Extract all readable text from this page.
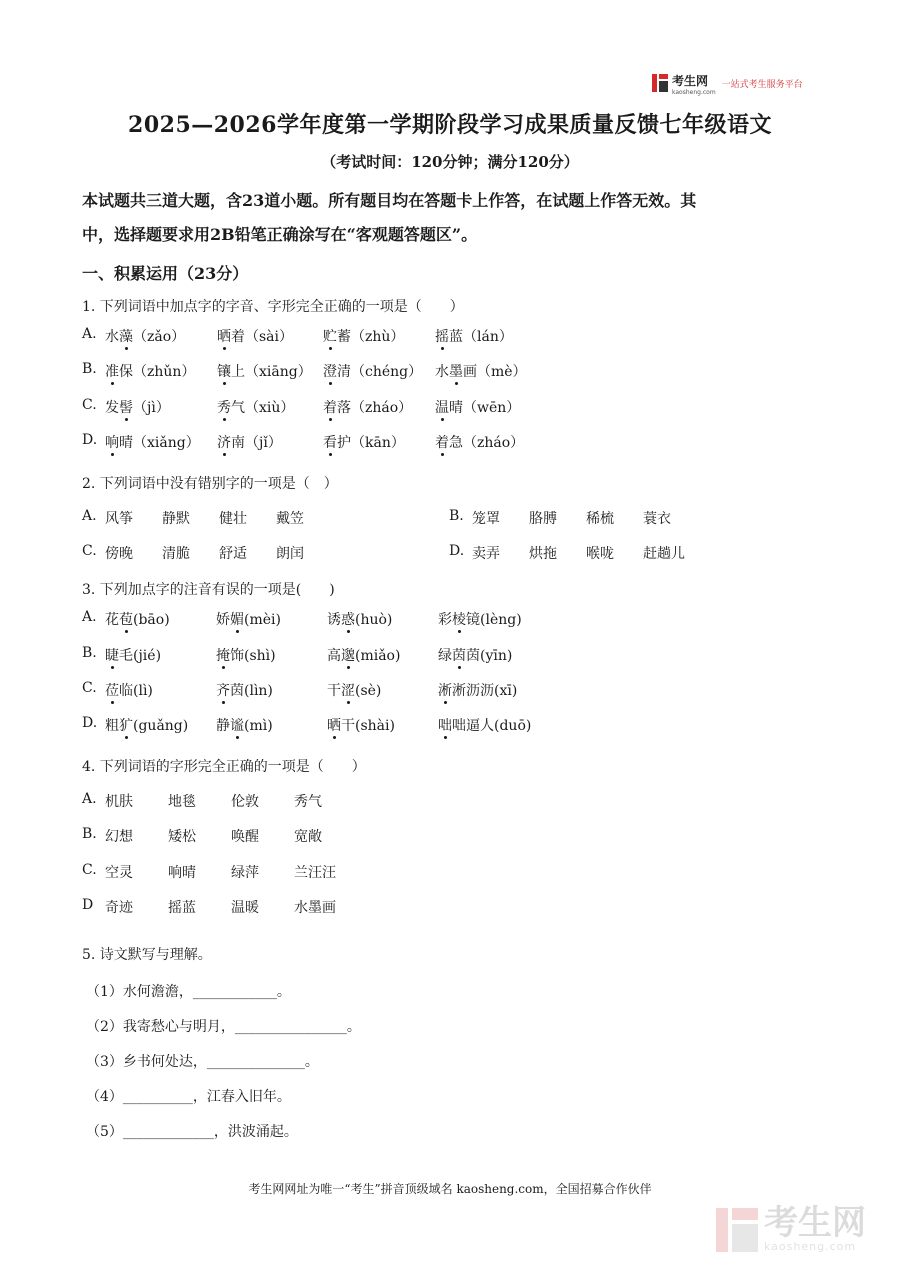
考生网
kaosheng.com
一站式考生服务平台
2025—2026学年度第一学期阶段学习成果质量反馈七年级语文
（考试时间：120分钟；满分120分）
本试题共三道大题，含23道小题。所有题目均在答题卡上作答，在试题上作答无效。其
中，选择题要求用2B铅笔正确涂写在“客观题答题区”。
一、积累运用（23分）
1. 下列词语中加点字的字音、字形完全正确的一项是（　　）
A. 水藻（zǎo） 晒着（sài） 贮蓄（zhù） 摇蓝（lán）
B. 准保（zhǔn） 镶上（xiāng） 澄清（chéng） 水墨画（mè）
C. 发髻（jì）	秀气（xiù） 着落（zháo） 温晴（wēn）
D. 响晴（xiǎng） 济南（jǐ）	看护（kān） 着急（zháo）
2. 下列词语中没有错别字的一项是（　）
A. 风筝 静默 健壮 戴笠	B. 笼罩 胳膊 稀梳 蓑衣
C. 傍晚 清脆 舒适 朗闰	D. 卖弄 烘拖 喉咙 赶趟儿
3. 下列加点字的注音有误的一项是(　　)
A. 花苞(bāo)	娇媚(mèi)	诱惑(huò)	彩棱镜(lèng)
B. 睫毛(jié)	掩饰(shì)	高邈(miǎo)	绿茵茵(yīn)
C. 莅临(lì)	齐茵(lìn)	干涩(sè)	淅淅沥沥(xī)
D. 粗犷(guǎng) 静谧(mì)	晒干(shài)	咄咄逼人(duō)
4. 下列词语的字形完全正确的一项是（　　）
A. 机肤	地毯	伦敦	秀气
B. 幻想	矮松	唤醒	宽敞
C. 空灵	响晴	绿萍	兰汪汪
D 奇迹	摇蓝	温暖	水墨画
5. 诗文默写与理解。
（1）水何澹澹，____________。
（2）我寄愁心与明月，________________。
（3）乡书何处达，______________。
（4）__________，江春入旧年。
（5）_____________，洪波涌起。
考生网网址为唯一“考生”拼音顶级域名 kaosheng.com，全国招募合作伙伴
考生网
kaosheng.com
